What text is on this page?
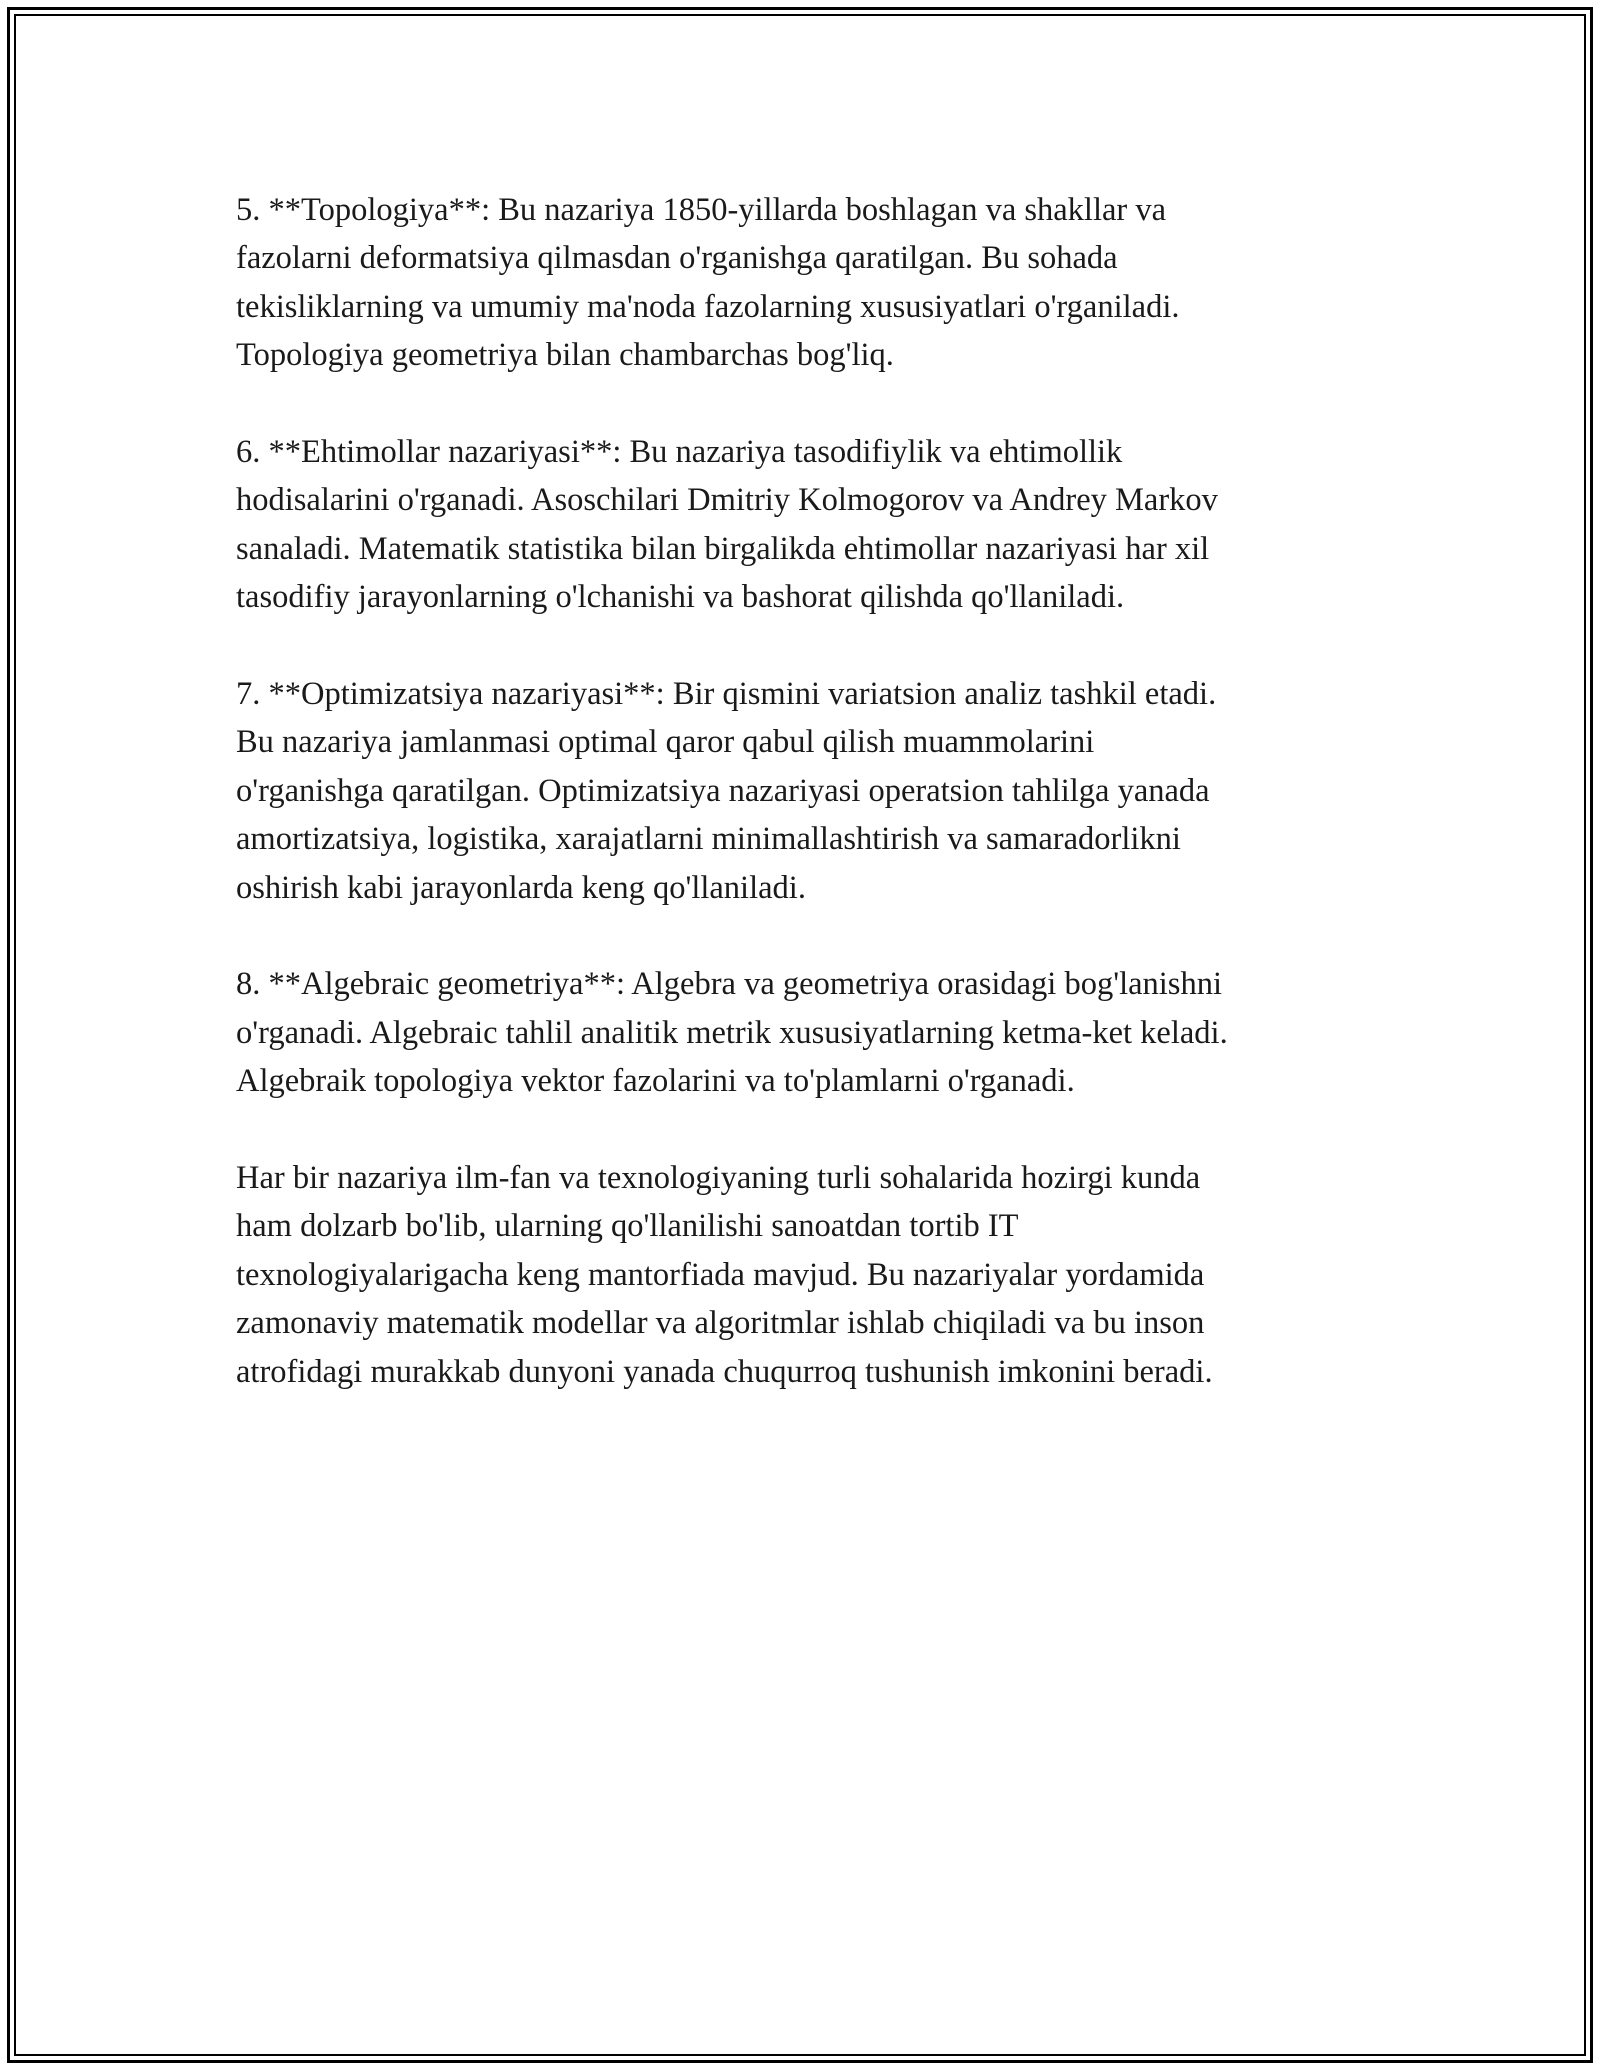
5. **Topologiya**: Bu nazariya 1850-yillarda boshlagan va shakllar va
fazolarni deformatsiya qilmasdan o'rganishga qaratilgan. Bu sohada
tekisliklarning va umumiy ma'noda fazolarning xususiyatlari o'rganiladi.
Topologiya geometriya bilan chambarchas bog'liq.

6. **Ehtimollar nazariyasi**: Bu nazariya tasodifiylik va ehtimollik
hodisalarini o'rganadi. Asoschilari Dmitriy Kolmogorov va Andrey Markov
sanaladi. Matematik statistika bilan birgalikda ehtimollar nazariyasi har xil
tasodifiy jarayonlarning o'lchanishi va bashorat qilishda qo'llaniladi.

7. **Optimizatsiya nazariyasi**: Bir qismini variatsion analiz tashkil etadi.
Bu nazariya jamlanmasi optimal qaror qabul qilish muammolarini
o'rganishga qaratilgan. Optimizatsiya nazariyasi operatsion tahlilga yanada
amortizatsiya, logistika, xarajatlarni minimallashtirish va samaradorlikni
oshirish kabi jarayonlarda keng qo'llaniladi.

8. **Algebraic geometriya**: Algebra va geometriya orasidagi bog'lanishni
o'rganadi. Algebraic tahlil analitik metrik xususiyatlarning ketma-ket keladi.
Algebraik topologiya vektor fazolarini va to'plamlarni o'rganadi.

Har bir nazariya ilm-fan va texnologiyaning turli sohalarida hozirgi kunda
ham dolzarb bo'lib, ularning qo'llanilishi sanoatdan tortib IT
texnologiyalarigacha keng mantorfiada mavjud. Bu nazariyalar yordamida
zamonaviy matematik modellar va algoritmlar ishlab chiqiladi va bu inson
atrofidagi murakkab dunyoni yanada chuqurroq tushunish imkonini beradi.
